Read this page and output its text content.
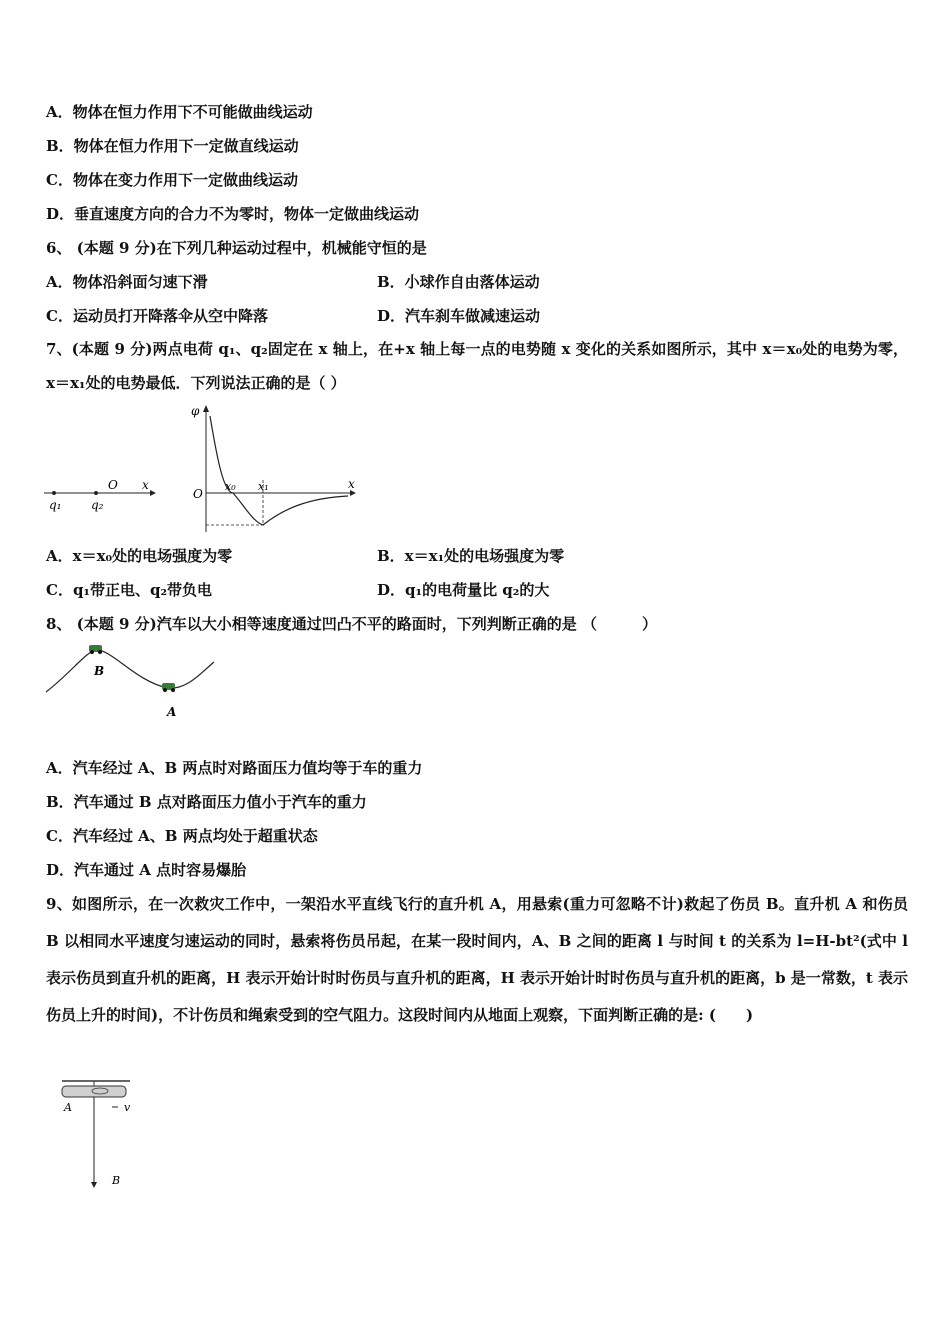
A．物体在恒力作用下不可能做曲线运动
B．物体在恒力作用下一定做直线运动
C．物体在变力作用下一定做曲线运动
D．垂直速度方向的合力不为零时，物体一定做曲线运动
6、 (本题 9 分)在下列几种运动过程中，机械能守恒的是
A．物体沿斜面匀速下滑	B．小球作自由落体运动
C．运动员打开降落伞从空中降落	D．汽车刹车做减速运动
7、(本题 9 分)两点电荷 q₁、q₂固定在 x 轴上，在+x 轴上每一点的电势随 x 变化的关系如图所示，其中 x＝x₀处的电势为零，x＝x₁处的电势最低．下列说法正确的是（ ）
q₁ q₂
O x
φ
O
x₀ x₁	x
A．x＝x₀处的电场强度为零	B．x＝x₁处的电场强度为零
C．q₁带正电、q₂带负电	D．q₁的电荷量比 q₂的大
8、 (本题 9 分)汽车以大小相等速度通过凹凸不平的路面时，下列判断正确的是 （　　　）
B
A
A．汽车经过 A、B 两点时对路面压力值均等于车的重力
B．汽车通过 B 点对路面压力值小于汽车的重力
C．汽车经过 A、B 两点均处于超重状态
D．汽车通过 A 点时容易爆胎
9、如图所示，在一次救灾工作中，一架沿水平直线飞行的直升机 A，用悬索(重力可忽略不计)救起了伤员 B。直升机 A 和伤员 B 以相同水平速度匀速运动的同时，悬索将伤员吊起，在某一段时间内，A、B 之间的距离 l 与时间 t 的关系为 l=H-bt²(式中 l 表示伤员到直升机的距离，H 表示开始计时时伤员与直升机的距离，H 表示开始计时时伤员与直升机的距离，b 是一常数，t 表示伤员上升的时间)，不计伤员和绳索受到的空气阻力。这段时间内从地面上观察，下面判断正确的是: (　　)
A	v
B
